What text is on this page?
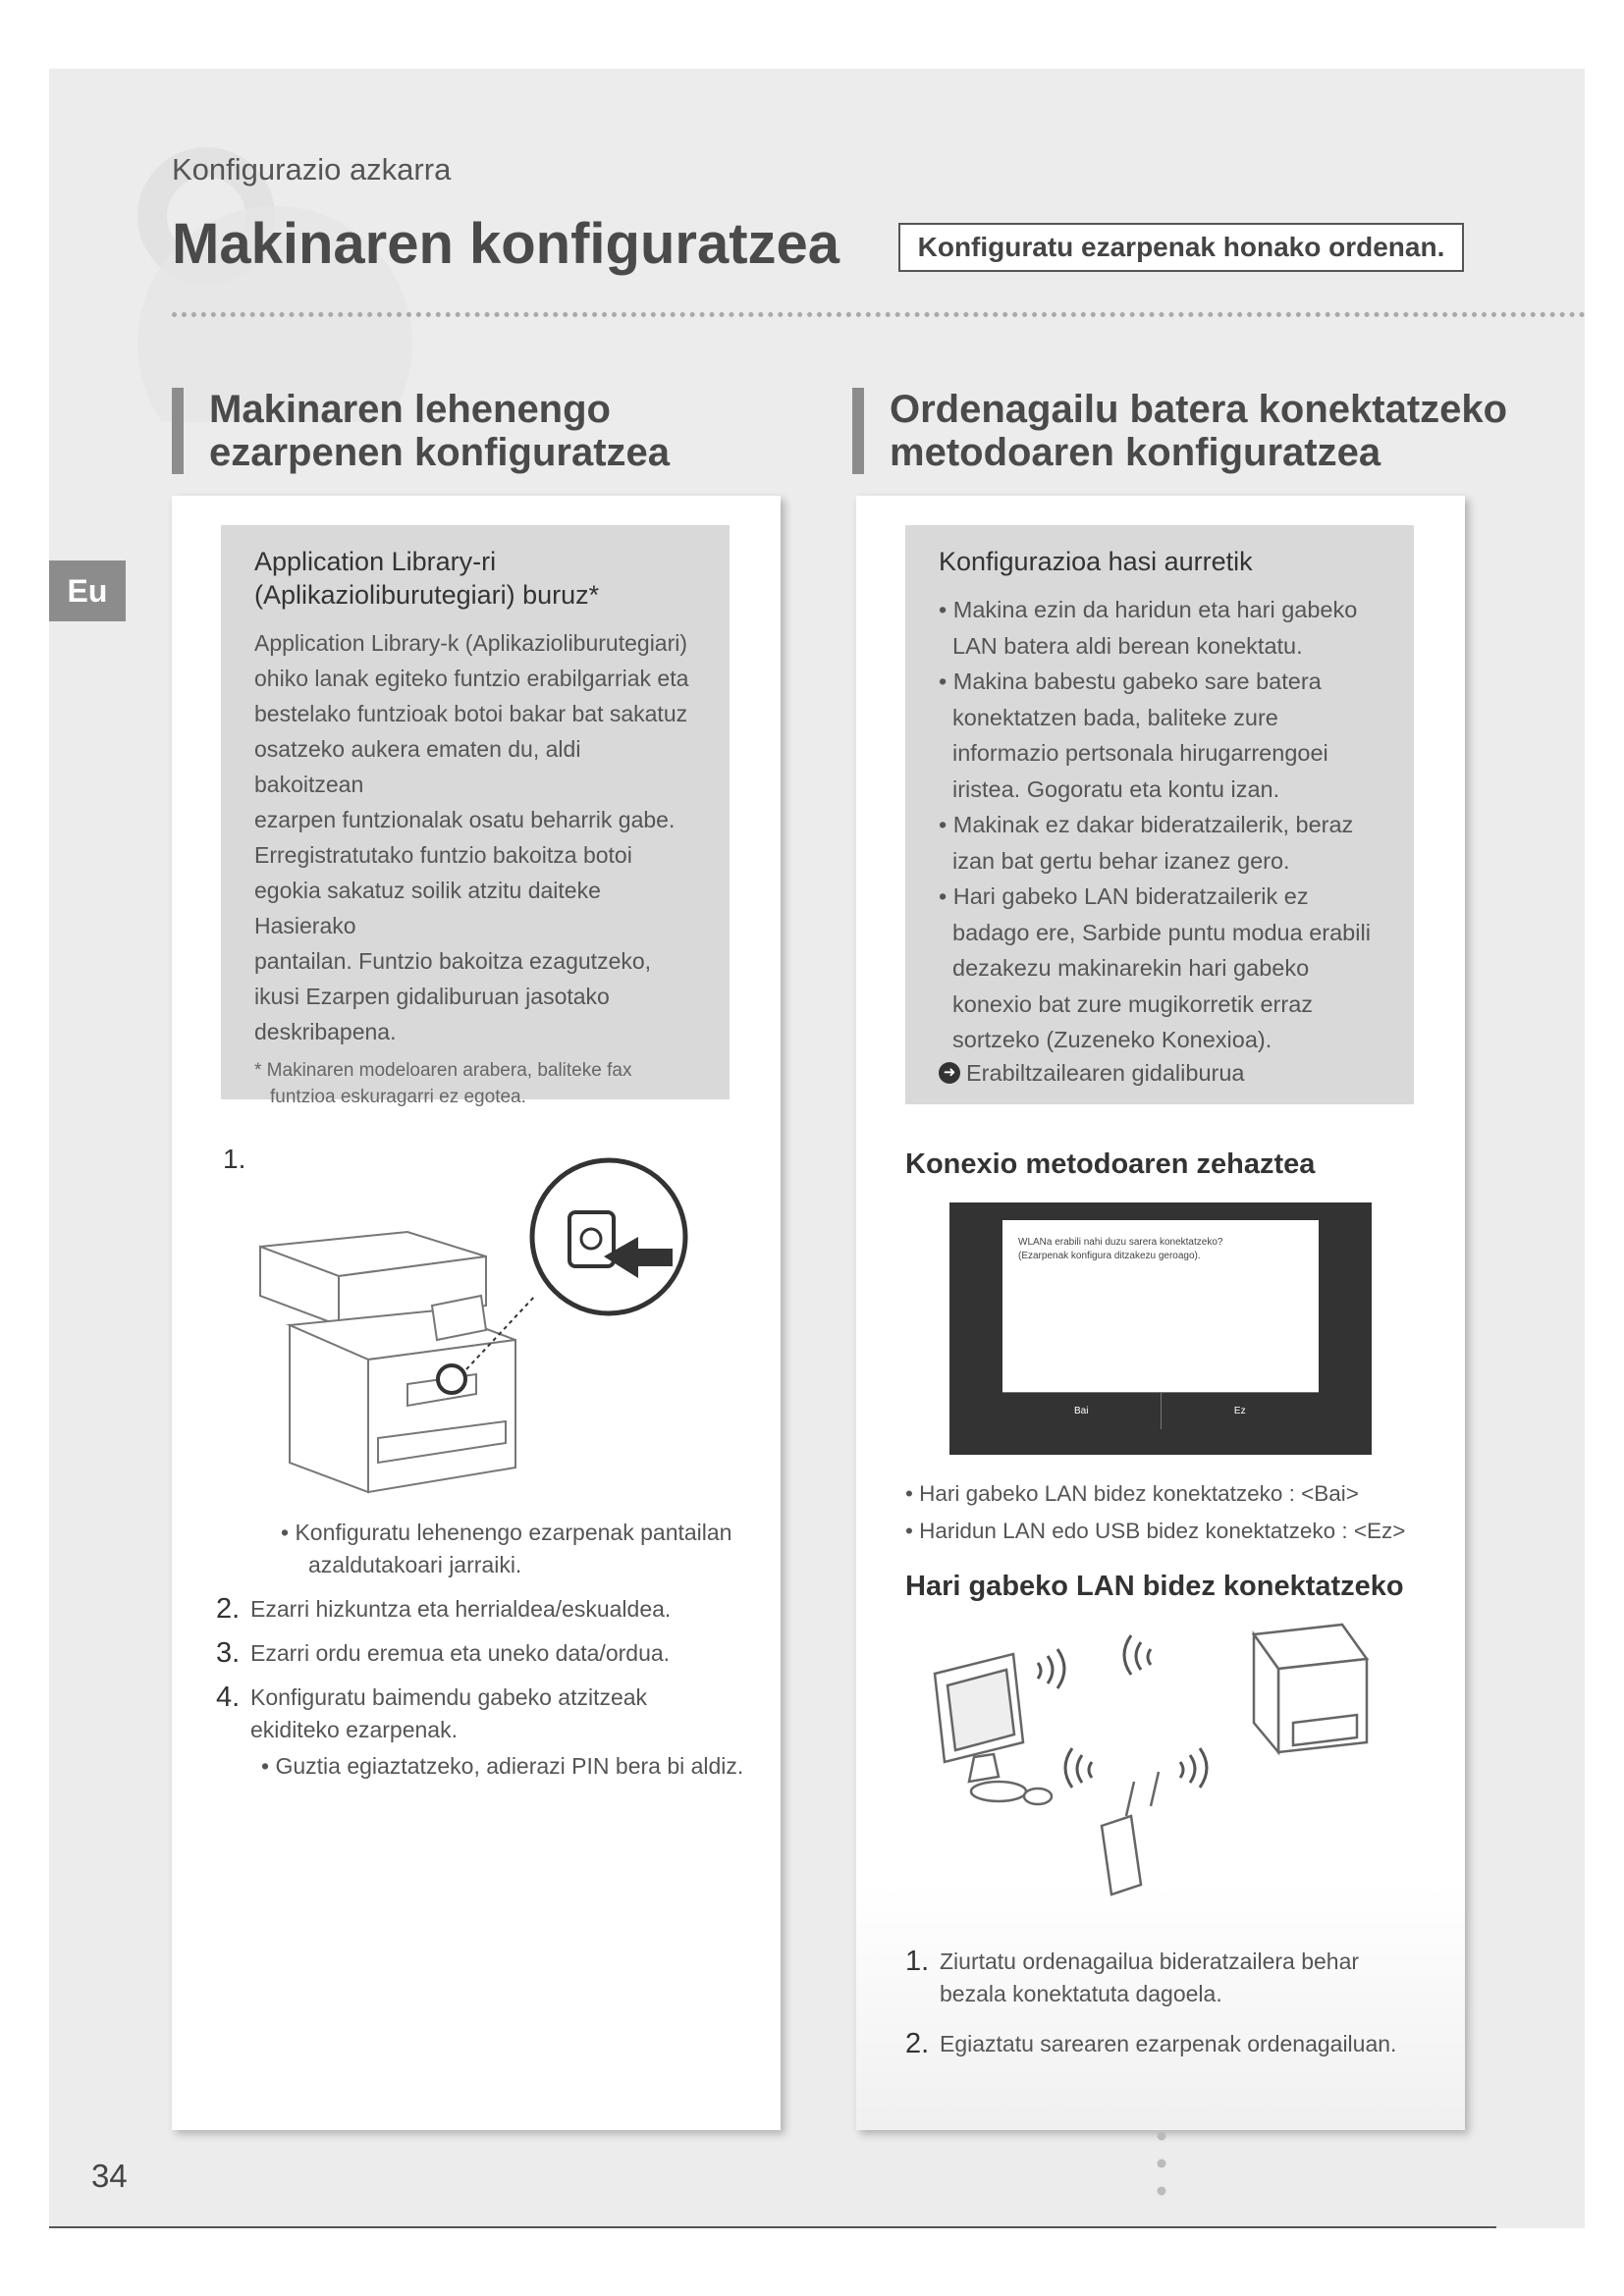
Konfigurazio azkarra
Makinaren konfiguratzea	Konfiguratu ezarpenak honako ordenan.
Eu
Makinaren lehenengo
ezarpenen konfiguratzea
Ordenagailu batera konektatzeko
metodoaren konfiguratzea
Application Library-ri
(Aplikazioliburutegiari) buruz*
Application Library-k (Aplikazioliburutegiari)
ohiko lanak egiteko funtzio erabilgarriak eta
bestelako funtzioak botoi bakar bat sakatuz
osatzeko aukera ematen du, aldi bakoitzean
ezarpen funtzionalak osatu beharrik gabe.
Erregistratutako funtzio bakoitza botoi
egokia sakatuz soilik atzitu daiteke Hasierako
pantailan. Funtzio bakoitza ezagutzeko,
ikusi Ezarpen gidaliburuan jasotako
deskribapena.
* Makinaren modeloaren arabera, baliteke fax
funtzioa eskuragarri ez egotea.
1.
• Konfiguratu lehenengo ezarpenak pantailan
azaldutakoari jarraiki.
2. Ezarri hizkuntza eta herrialdea/eskualdea.
3. Ezarri ordu eremua eta uneko data/ordua.
4. Konfiguratu baimendu gabeko atzitzeak
ekiditeko ezarpenak.
• Guztia egiaztatzeko, adierazi PIN bera bi aldiz.
Konfigurazioa hasi aurretik
• Makina ezin da haridun eta hari gabeko LAN batera aldi berean konektatu.
• Makina babestu gabeko sare batera konektatzen bada, baliteke zure informazio pertsonala hirugarrengoei iristea. Gogoratu eta kontu izan.
• Makinak ez dakar bideratzailerik, beraz izan bat gertu behar izanez gero.
• Hari gabeko LAN bideratzailerik ez badago ere, Sarbide puntu modua erabili dezakezu makinarekin hari gabeko konexio bat zure mugikorretik erraz sortzeko (Zuzeneko Konexioa).
➜ Erabiltzailearen gidaliburua
Konexio metodoaren zehaztea
WLANa erabili nahi duzu sarera konektatzeko?
(Ezarpenak konfigura ditzakezu geroago).
Bai	Ez
• Hari gabeko LAN bidez konektatzeko : <Bai>
• Haridun LAN edo USB bidez konektatzeko : <Ez>
Hari gabeko LAN bidez konektatzeko
1. Ziurtatu ordenagailua bideratzailera behar
bezala konektatuta dagoela.
2. Egiaztatu sarearen ezarpenak ordenagailuan.
34
